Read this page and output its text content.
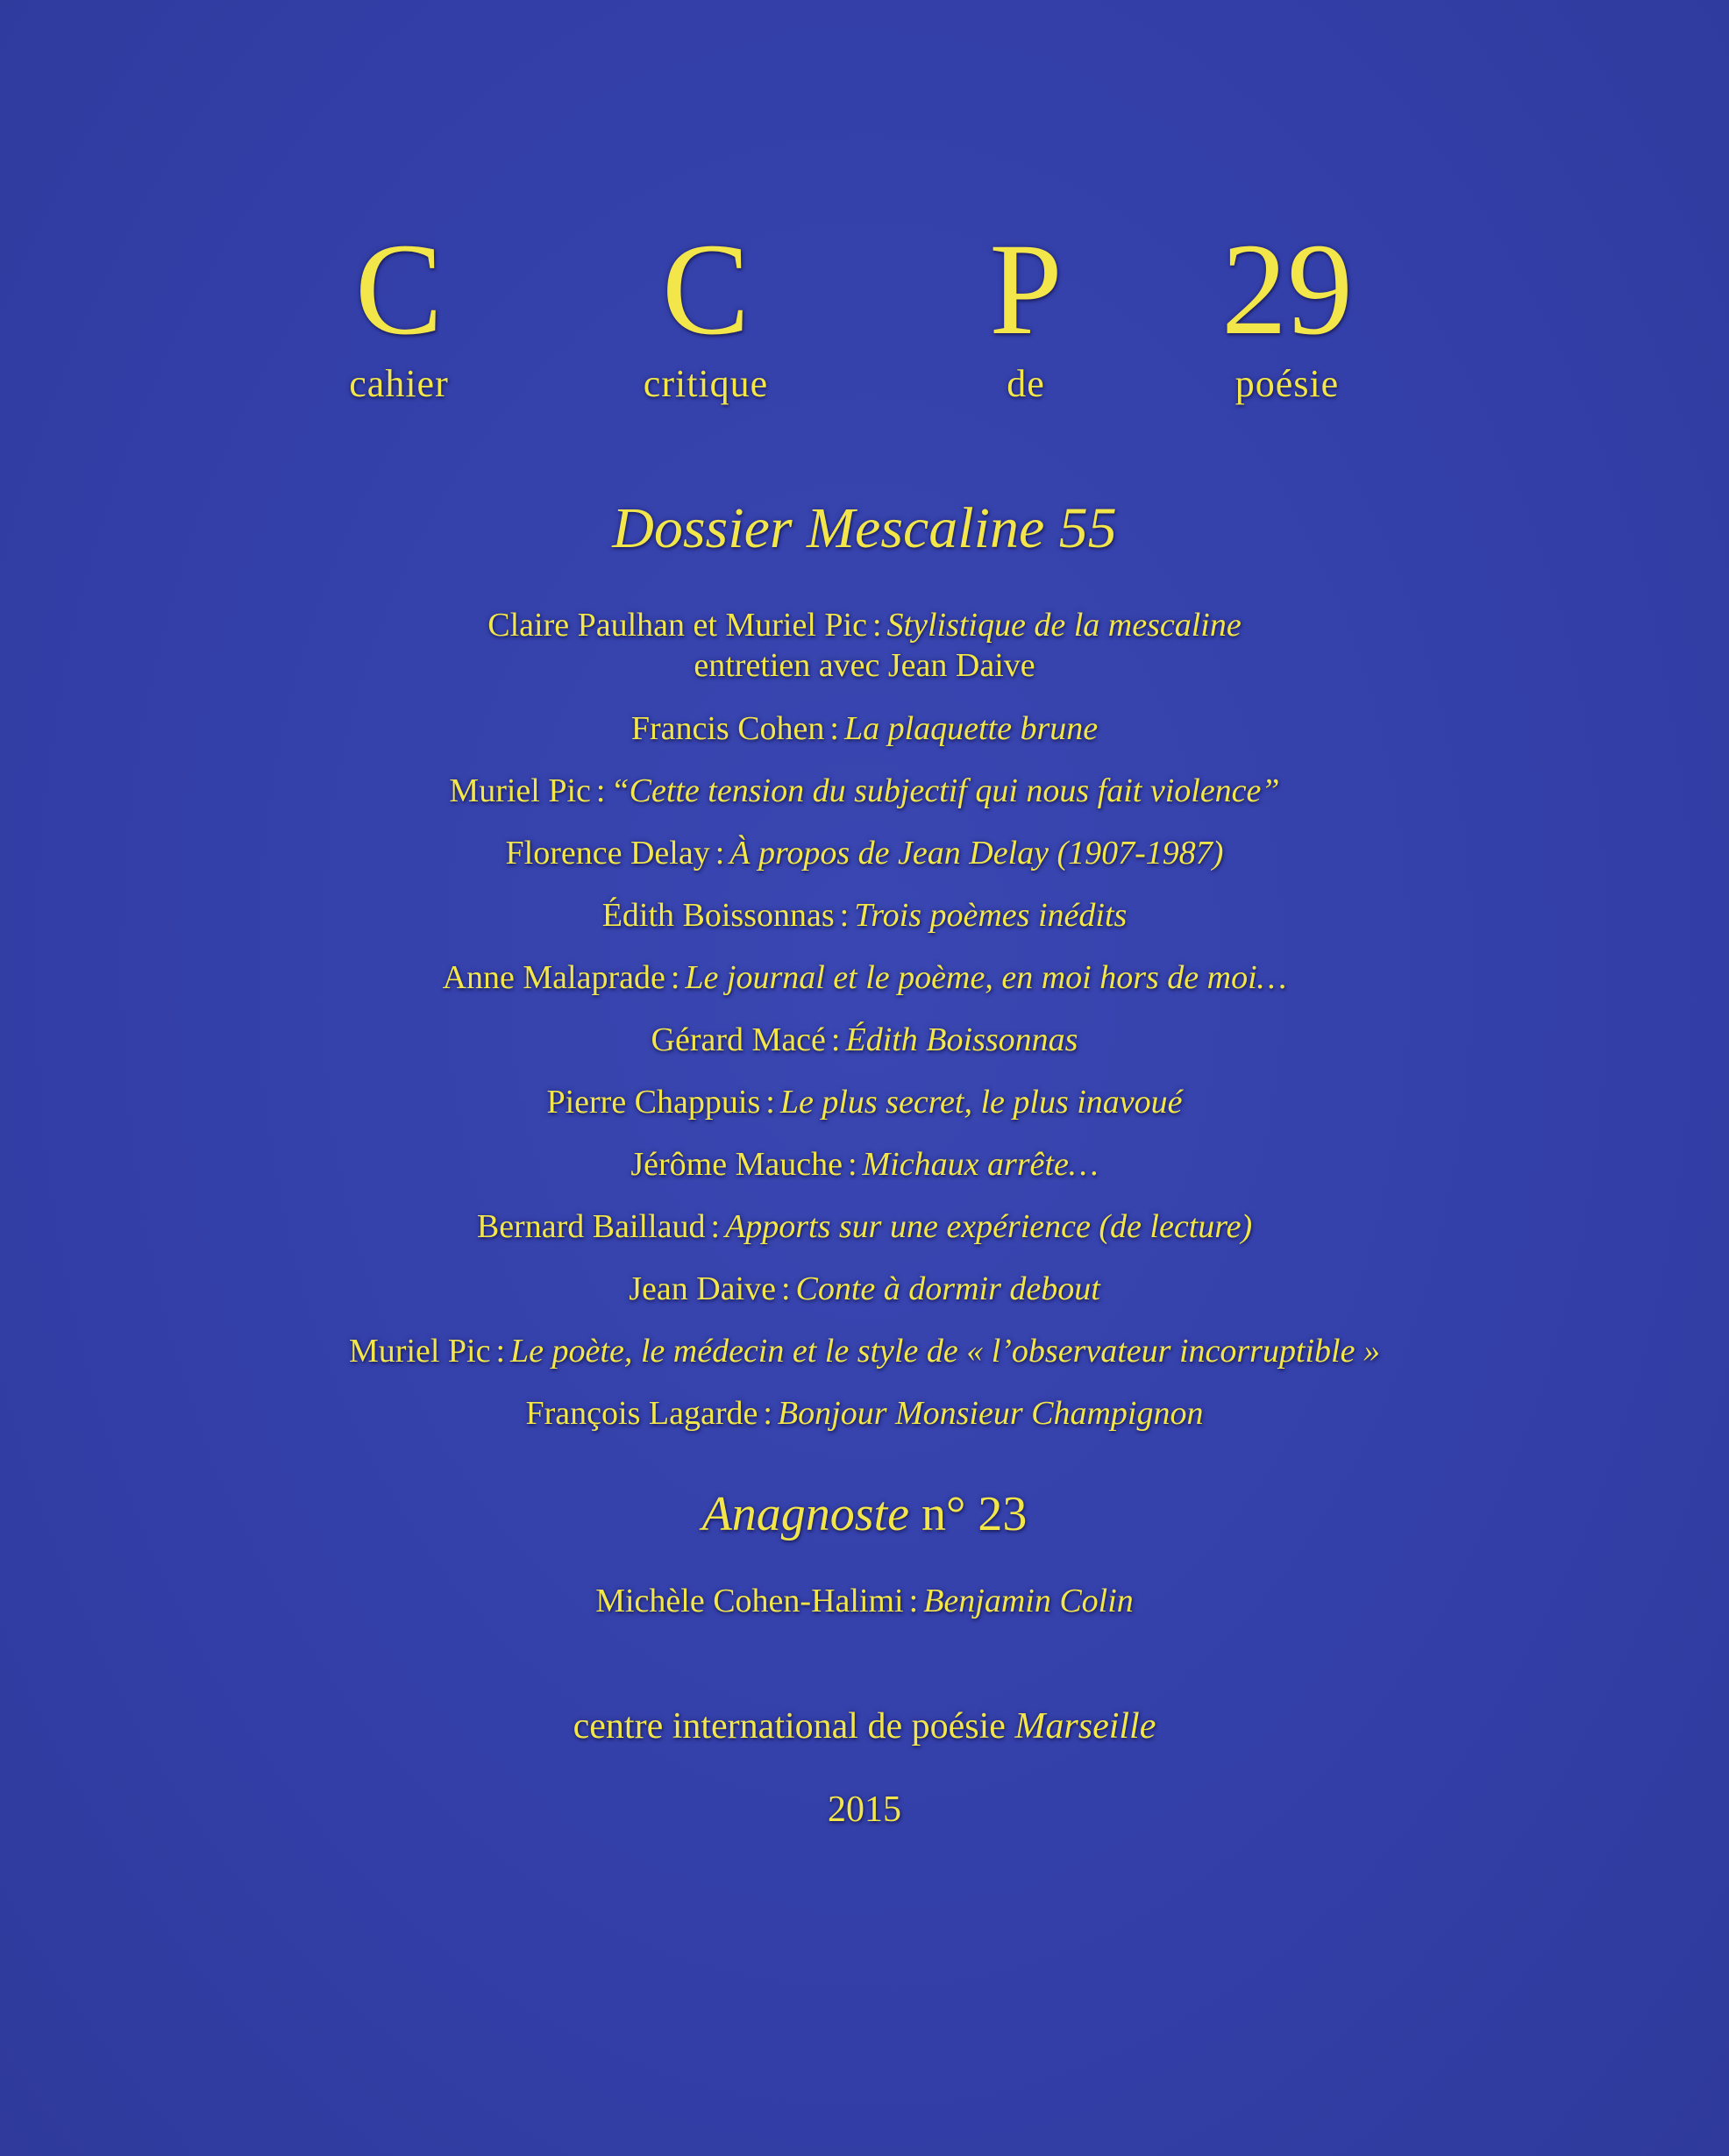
C
cahier
C
critique
P
de
29
poésie
Dossier Mescaline 55
Claire Paulhan et Muriel Pic : Stylistique de la mescaline
entretien avec Jean Daive
Francis Cohen : La plaquette brune
Muriel Pic : “Cette tension du subjectif qui nous fait violence”
Florence Delay : À propos de Jean Delay (1907-1987)
Édith Boissonnas : Trois poèmes inédits
Anne Malaprade : Le journal et le poème, en moi hors de moi…
Gérard Macé : Édith Boissonnas
Pierre Chappuis : Le plus secret, le plus inavoué
Jérôme Mauche : Michaux arrête…
Bernard Baillaud : Apports sur une expérience (de lecture)
Jean Daive : Conte à dormir debout
Muriel Pic : Le poète, le médecin et le style de « l’observateur incorruptible »
François Lagarde : Bonjour Monsieur Champignon
Anagnoste n° 23
Michèle Cohen-Halimi : Benjamin Colin
centre international de poésie Marseille
2015
